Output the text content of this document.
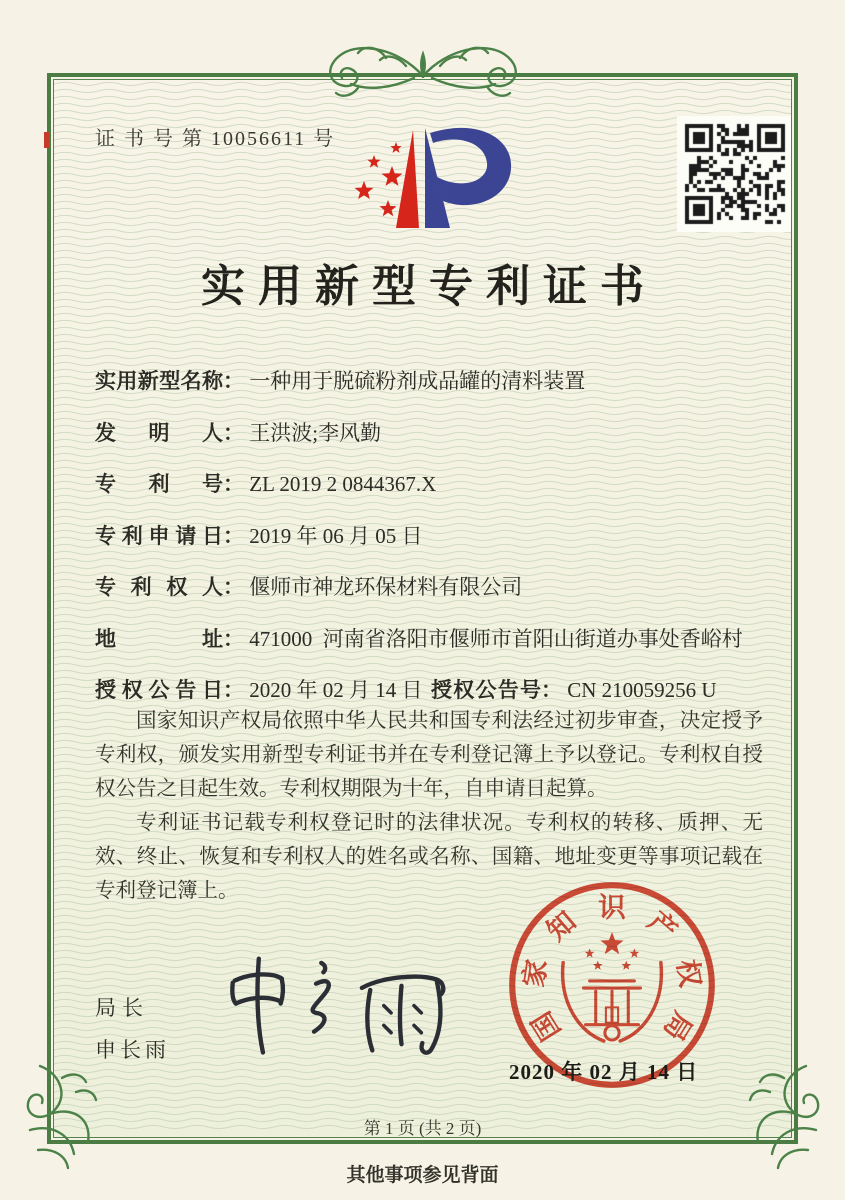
证 书 号 第 10056611 号
实用新型专利证书
实用新型名称： 一种用于脱硫粉剂成品罐的清料装置
发明人： 王洪波;李风勤
专利号： ZL 2019 2 0844367.X
专利申请日： 2019 年 06 月 05 日
专利权人： 偃师市神龙环保材料有限公司
地址： 471000  河南省洛阳市偃师市首阳山街道办事处香峪村
授权公告日： 2020 年 02 月 14 日 授权公告号： CN 210059256 U

国家知识产权局依照中华人民共和国专利法经过初步审查，决定授予专利权，颁发实用新型专利证书并在专利登记簿上予以登记。专利权自授权公告之日起生效。专利权期限为十年，自申请日起算。

专利证书记载专利权登记时的法律状况。专利权的转移、质押、无效、终止、恢复和专利权人的姓名或名称、国籍、地址变更等事项记载在专利登记簿上。

局长
申长雨
国
家
知 识 产
权
局
2020 年 02 月 14 日
第 1 页 (共 2 页)
其他事项参见背面
